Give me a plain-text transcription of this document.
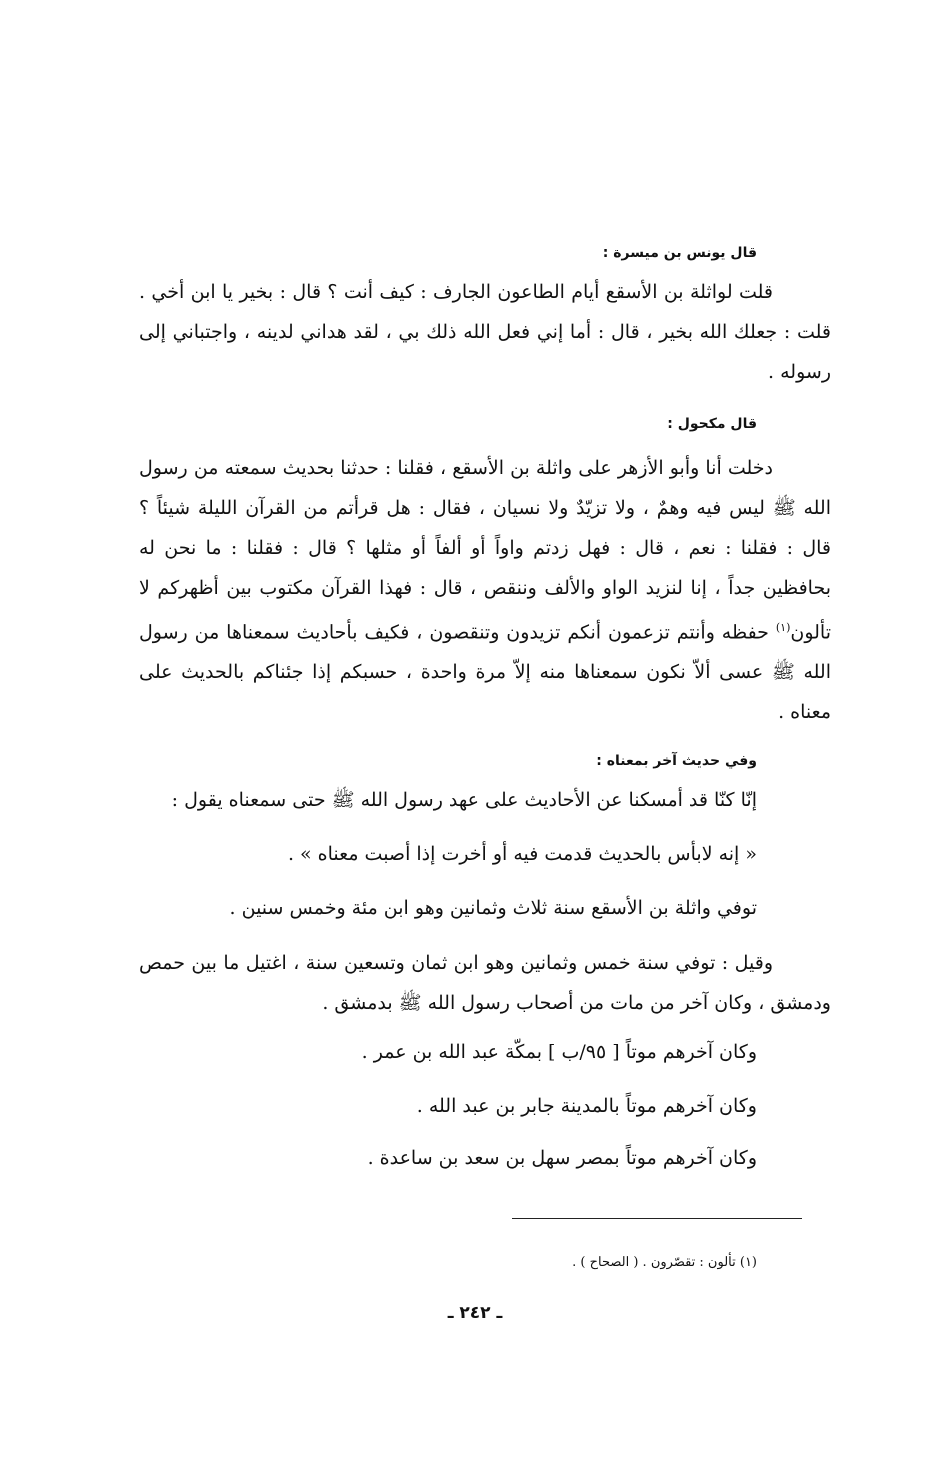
قال يونس بن ميسرة :

قلت لواثلة بن الأسقع أيام الطاعون الجارف : كيف أنت ؟ قال : بخير يا ابن أخي . قلت : جعلك الله بخير ، قال : أما إني فعل الله ذلك بي ، لقد هداني لدينه ، واجتباني إلى رسوله .

قال مكحول :

دخلت أنا وأبو الأزهر على واثلة بن الأسقع ، فقلنا : حدثنا بحديث سمعته من رسول الله ﷺ ليس فيه وهمٌ ، ولا تزيّدٌ ولا نسيان ، فقال : هل قرأتم من القرآن الليلة شيئاً ؟ قال : فقلنا : نعم ، قال : فهل زدتم واواً أو ألفاً أو مثلها ؟ قال : فقلنا : ما نحن له بحافظين جداً ، إنا لنزيد الواو والألف وننقص ، قال : فهذا القرآن مكتوب بين أظهركم لا تألون$^{(١)}$ حفظه وأنتم تزعمون أنكم تزيدون وتنقصون ، فكيف بأحاديث سمعناها من رسول الله ﷺ عسى ألاّ نكون سمعناها منه إلاّ مرة واحدة ، حسبكم إذا جئناكم بالحديث على معناه .

وفي حديث آخر بمعناه :
إنّا كنّا قد أمسكنا عن الأحاديث على عهد رسول الله ﷺ حتى سمعناه يقول :
« إنه لابأس بالحديث قدمت فيه أو أخرت إذا أصبت معناه » .
توفي واثلة بن الأسقع سنة ثلاث وثمانين وهو ابن مئة وخمس سنين .

وقيل : توفي سنة خمس وثمانين وهو ابن ثمان وتسعين سنة ، اغتيل ما بين حمص ودمشق ، وكان آخر من مات من أصحاب رسول الله ﷺ بدمشق .

وكان آخرهم موتاً [ ٩٥/ب ] بمكّة عبد الله بن عمر .
وكان آخرهم موتاً بالمدينة جابر بن عبد الله .
وكان آخرهم موتاً بمصر سهل بن سعد بن ساعدة .
(١) تألون : تقصّرون . ( الصحاح ) .
ـ ٢٤٢ ـ
